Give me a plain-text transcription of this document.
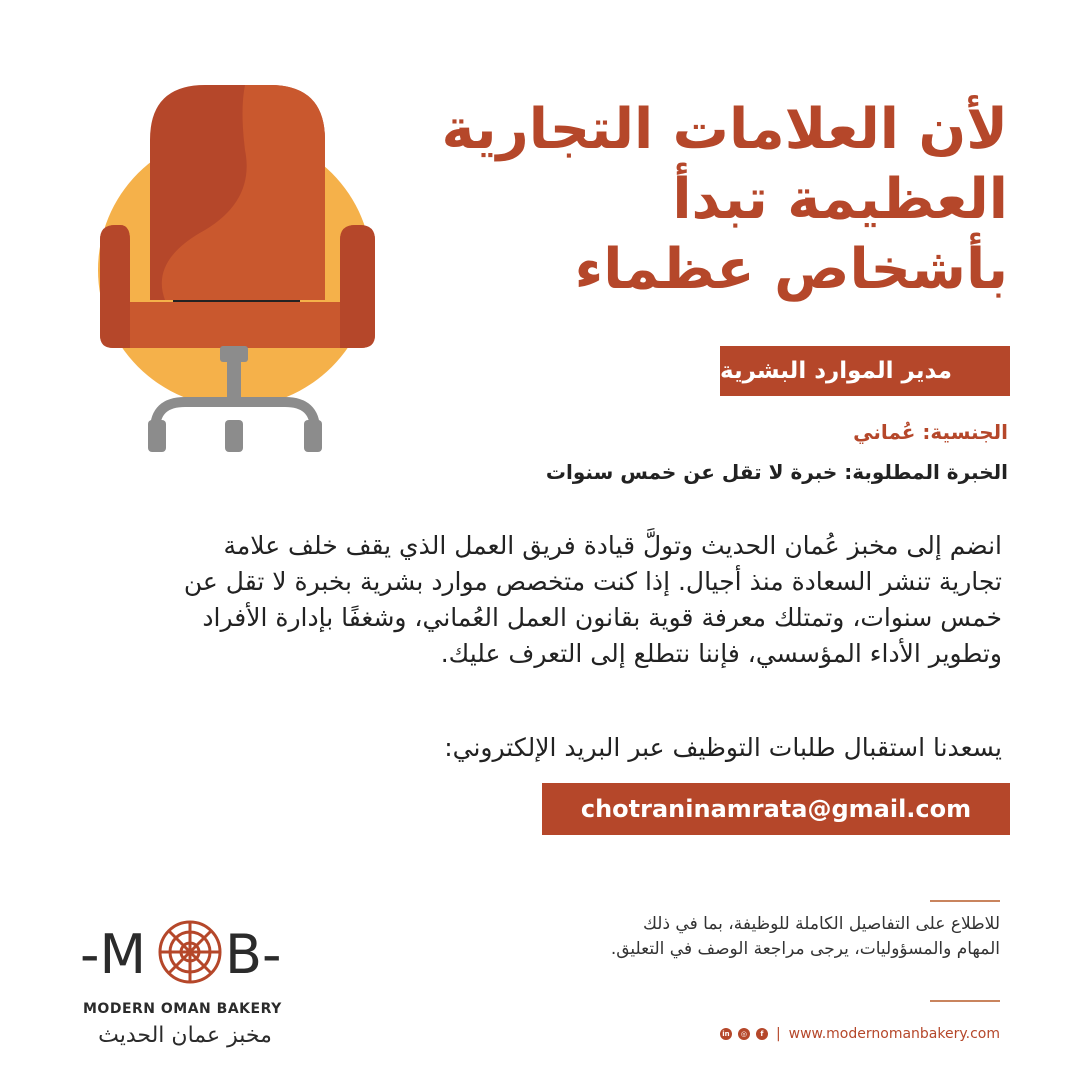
لأن العلامات التجارية
العظيمة تبدأ
بأشخاص عظماء
مدير الموارد البشرية
الجنسية: عُماني
الخبرة المطلوبة: خبرة لا تقل عن خمس سنوات
انضم إلى مخبز عُمان الحديث وتولَّ قيادة فريق العمل الذي يقف خلف علامة تجارية تنشر السعادة منذ أجيال. إذا كنت متخصص موارد بشرية بخبرة لا تقل عن خمس سنوات، وتمتلك معرفة قوية بقانون العمل العُماني، وشغفًا بإدارة الأفراد وتطوير الأداء المؤسسي، فإننا نتطلع إلى التعرف عليك.
يسعدنا استقبال طلبات التوظيف عبر البريد الإلكتروني:
chotraninamrata@gmail.com
للاطلاع على التفاصيل الكاملة للوظيفة، بما في ذلك المهام والمسؤوليات، يرجى مراجعة الوصف في التعليق.
in	◎	f | www.modernomanbakery.com
-M B-
MODERN OMAN BAKERY
مخبز عمان الحديث
